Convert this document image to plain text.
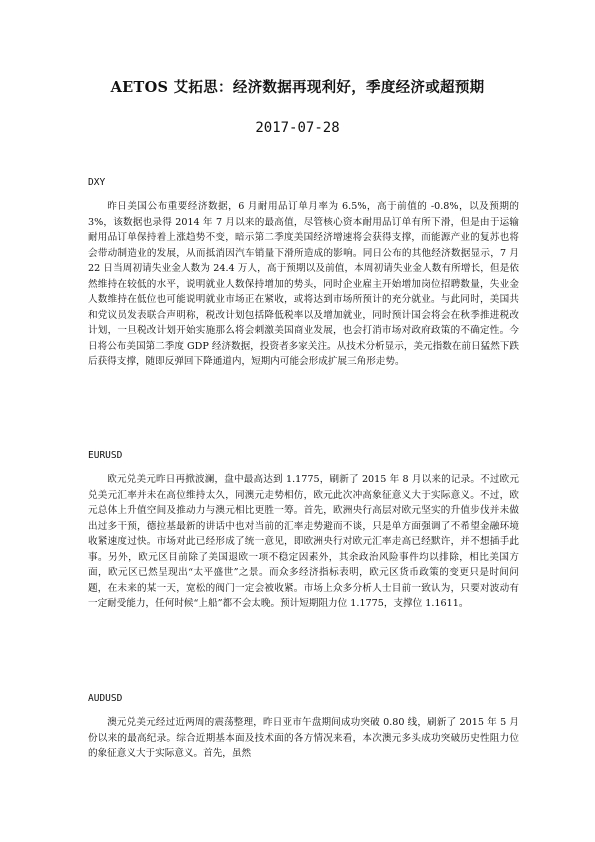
AETOS 艾拓思：经济数据再现利好，季度经济或超预期
2017-07-28
DXY
昨日美国公布重要经济数据，6 月耐用品订单月率为 6.5%，高于前值的 -0.8%，以及预期的 3%，该数据也录得 2014 年 7 月以来的最高值，尽管核心资本耐用品订单有所下滑，但是由于运输耐用品订单保持着上涨趋势不变，暗示第二季度美国经济增速将会获得支撑，而能源产业的复苏也将会带动制造业的发展，从而抵消因汽车销量下滑所造成的影响。同日公布的其他经济数据显示，7 月 22 日当周初请失业金人数为 24.4 万人，高于预期以及前值，本周初请失业金人数有所增长，但是依然维持在较低的水平，说明就业人数保持增加的势头，同时企业雇主开始增加岗位招聘数量，失业金人数维持在低位也可能说明就业市场正在紧收，或将达到市场所预计的充分就业。与此同时，美国共和党议员发表联合声明称，税改计划包括降低税率以及增加就业，同时预计国会将会在秋季推进税改计划，一旦税改计划开始实施那么将会刺激美国商业发展，也会打消市场对政府政策的不确定性。今日将公布美国第二季度 GDP 经济数据，投资者多家关注。从技术分析显示，美元指数在前日猛然下跌后获得支撑，随即反弹回下降通道内，短期内可能会形成扩展三角形走势。
EURUSD
欧元兑美元昨日再掀波澜，盘中最高达到 1.1775，刷新了 2015 年 8 月以来的记录。不过欧元兑美元汇率并未在高位维持太久，同澳元走势相仿，欧元此次冲高象征意义大于实际意义。不过，欧元总体上升值空间及推动力与澳元相比更胜一筹。首先，欧洲央行高层对欧元坚实的升值步伐并未做出过多干预，德拉基最新的讲话中也对当前的汇率走势避而不谈，只是单方面强调了不希望金融环境收紧速度过快。市场对此已经形成了统一意见，即欧洲央行对欧元汇率走高已经默许，并不想插手此事。另外，欧元区目前除了美国退欧一项不稳定因素外，其余政治风险事件均以排除，相比美国方面，欧元区已然呈现出“太平盛世”之景。而众多经济指标表明，欧元区货币政策的变更只是时间问题，在未来的某一天，宽松的阀门一定会被收紧。市场上众多分析人士目前一致认为，只要对波动有一定耐受能力，任何时候“上船”都不会太晚。预计短期阻力位 1.1775，支撑位 1.1611。
AUDUSD
澳元兑美元经过近两周的震荡整理，昨日亚市午盘期间成功突破 0.80 线，刷新了 2015 年 5 月份以来的最高纪录。综合近期基本面及技术面的各方情况来看，本次澳元多头成功突破历史性阻力位的象征意义大于实际意义。首先，虽然
